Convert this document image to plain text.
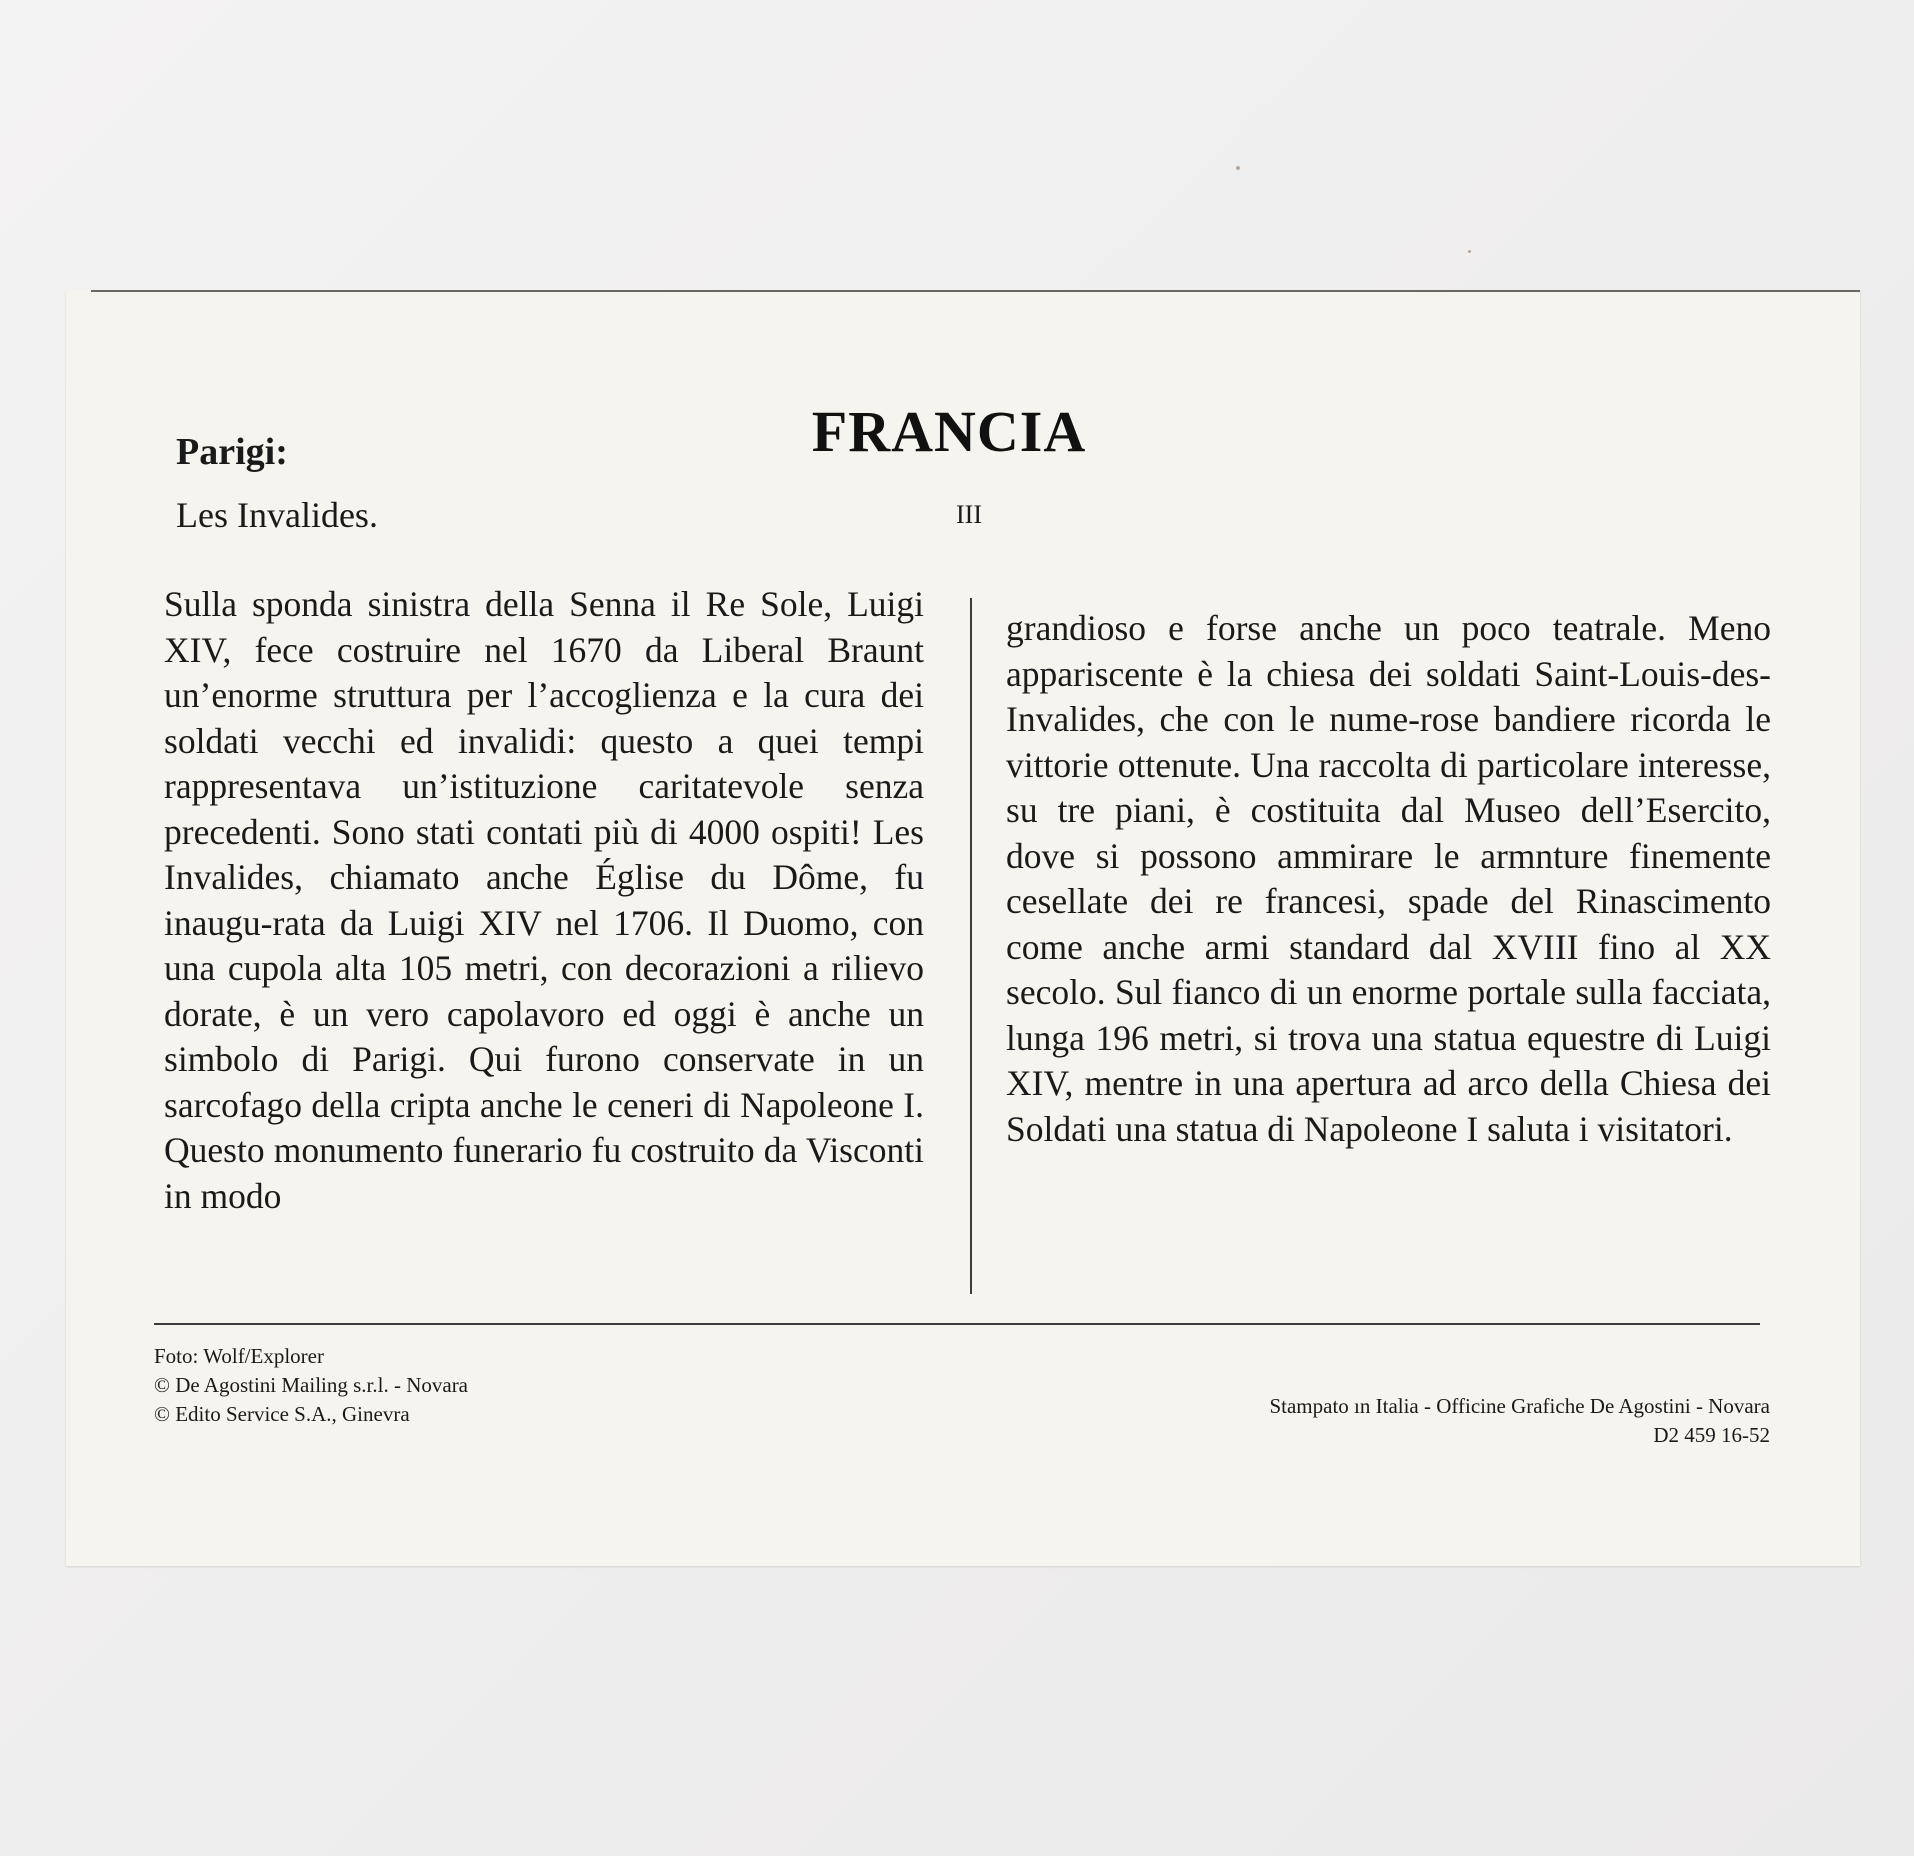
FRANCIA
Parigi:
Les Invalides.	III
Sulla sponda sinistra della Senna il Re Sole, Luigi XIV, fece costruire nel 1670 da Liberal Braunt un’enorme struttura per l’accoglienza e la cura dei soldati vecchi ed invalidi: questo a quei tempi rappresentava un’istituzione caritatevole senza precedenti. Sono stati contati più di 4000 ospiti! Les Invalides, chiamato anche Église du Dôme, fu inaugu-rata da Luigi XIV nel 1706. Il Duomo, con una cupola alta 105 metri, con decorazioni a rilievo dorate, è un vero capolavoro ed oggi è anche un simbolo di Parigi. Qui furono conservate in un sarcofago della cripta anche le ceneri di Napoleone I. Questo monumento funerario fu costruito da Visconti in modo
grandioso e forse anche un poco teatrale. Meno appariscente è la chiesa dei soldati Saint-Louis-des-Invalides, che con le nume-rose bandiere ricorda le vittorie ottenute. Una raccolta di particolare interesse, su tre piani, è costituita dal Museo dell’Esercito, dove si possono ammirare le armnture finemente cesellate dei re francesi, spade del Rinascimento come anche armi standard dal XVIII fino al XX secolo. Sul fianco di un enorme portale sulla facciata, lunga 196 metri, si trova una statua equestre di Luigi XIV, mentre in una apertura ad arco della Chiesa dei Soldati una statua di Napoleone I saluta i visitatori.
Foto: Wolf/Explorer
© De Agostini Mailing s.r.l. - Novara
© Edito Service S.A., Ginevra	Stampato ın Italia - Officine Grafiche De Agostini - Novara
D2 459 16-52
